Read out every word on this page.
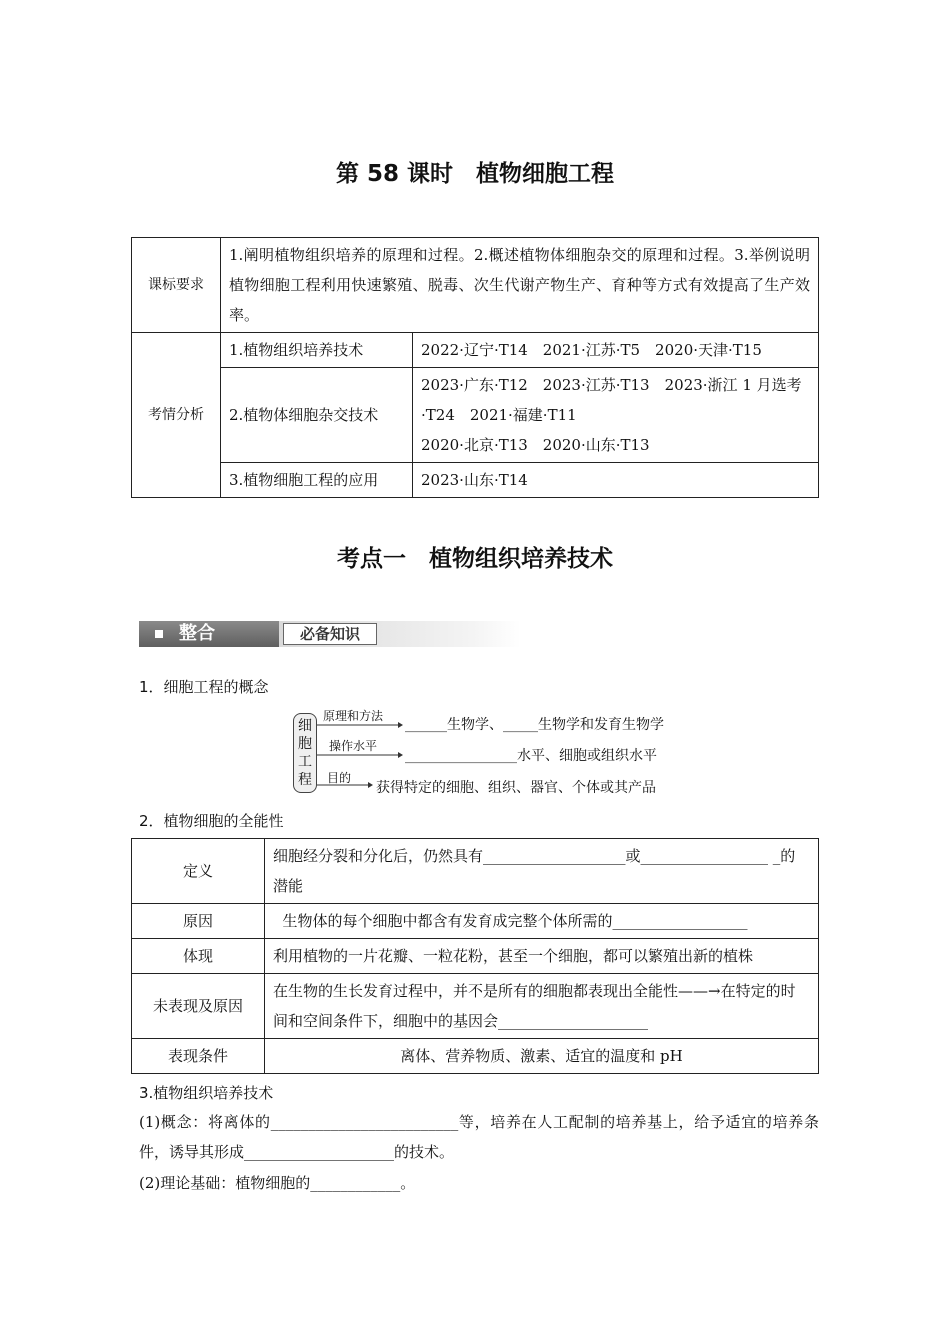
第 58 课时　植物细胞工程
课标要求	1.阐明植物组织培养的原理和过程。2.概述植物体细胞杂交的原理和过程。3.举例说明植物细胞工程利用快速繁殖、脱毒、次生代谢产物生产、育种等方式有效提高了生产效率。	
考情分析	1.植物组织培养技术	2022·辽宁·T14　2021·江苏·T5　2020·天津·T15
	2.植物体细胞杂交技术	2023·广东·T12　2023·江苏·T13　2023·浙江 1 月选考·T24　2021·福建·T11
2020·北京·T13　2020·山东·T13

	3.植物细胞工程的应用	2023·山东·T14
考点一　植物组织培养技术
整合	必备知识
1．细胞工程的概念
细胞工程
原理和方法
______生物学、_____生物学和发育生物学
操作水平
________________水平、细胞或组织水平
目的
获得特定的细胞、组织、器官、个体或其产品
2．植物细胞的全能性
定义	细胞经分裂和分化后，仍然具有___________________或_________________ _的潜能
原因	生物体的每个细胞中都含有发育成完整个体所需的__________________
体现	利用植物的一片花瓣、一粒花粉，甚至一个细胞，都可以繁殖出新的植株
未表现及原因	在生物的生长发育过程中，并不是所有的细胞都表现出全能性——→在特定的时间和空间条件下，细胞中的基因会____________________
表现条件	离体、营养物质、激素、适宜的温度和 pH
3.植物组织培养技术
(1)概念：将离体的_________________________等，培养在人工配制的培养基上，给予适宜的培养条件，诱导其形成____________________的技术。
(2)理论基础：植物细胞的____________。
